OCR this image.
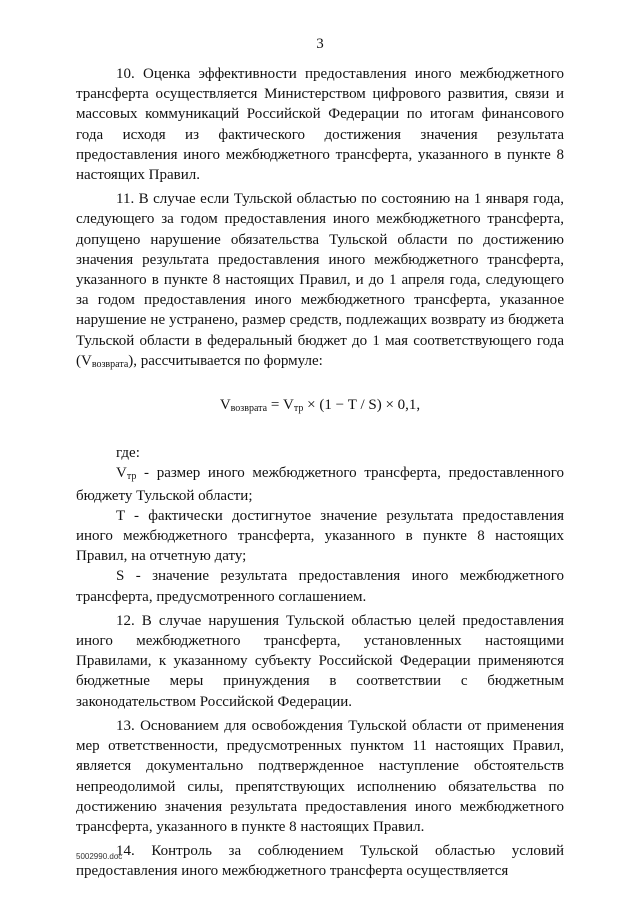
3

10. Оценка эффективности предоставления иного межбюджетного трансферта осуществляется Министерством цифрового развития, связи и массовых коммуникаций Российской Федерации по итогам финансового года исходя из фактического достижения значения результата предоставления иного межбюджетного трансферта, указанного в пункте 8 настоящих Правил.

11. В случае если Тульской областью по состоянию на 1 января года, следующего за годом предоставления иного межбюджетного трансферта, допущено нарушение обязательства Тульской области по достижению значения результата предоставления иного межбюджетного трансферта, указанного в пункте 8 настоящих Правил, и до 1 апреля года, следующего за годом предоставления иного межбюджетного трансферта, указанное нарушение не устранено, размер средств, подлежащих возврату из бюджета Тульской области в федеральный бюджет до 1 мая соответствующего года (Vвозврата), рассчитывается по формуле:

Vвозврата = Vтр × (1 − T / S) × 0,1,

где:

Vтр - размер иного межбюджетного трансферта, предоставленного бюджету Тульской области;

T - фактически достигнутое значение результата предоставления иного межбюджетного трансферта, указанного в пункте 8 настоящих Правил, на отчетную дату;

S - значение результата предоставления иного межбюджетного трансферта, предусмотренного соглашением.

12. В случае нарушения Тульской областью целей предоставления иного межбюджетного трансферта, установленных настоящими Правилами, к указанному субъекту Российской Федерации применяются бюджетные меры принуждения в соответствии с бюджетным законодательством Российской Федерации.

13. Основанием для освобождения Тульской области от применения мер ответственности, предусмотренных пунктом 11 настоящих Правил, является документально подтвержденное наступление обстоятельств непреодолимой силы, препятствующих исполнению обязательства по достижению значения результата предоставления иного межбюджетного трансферта, указанного в пункте 8 настоящих Правил.

14. Контроль за соблюдением Тульской областью условий предоставления иного межбюджетного трансферта осуществляется

5002990.doc
